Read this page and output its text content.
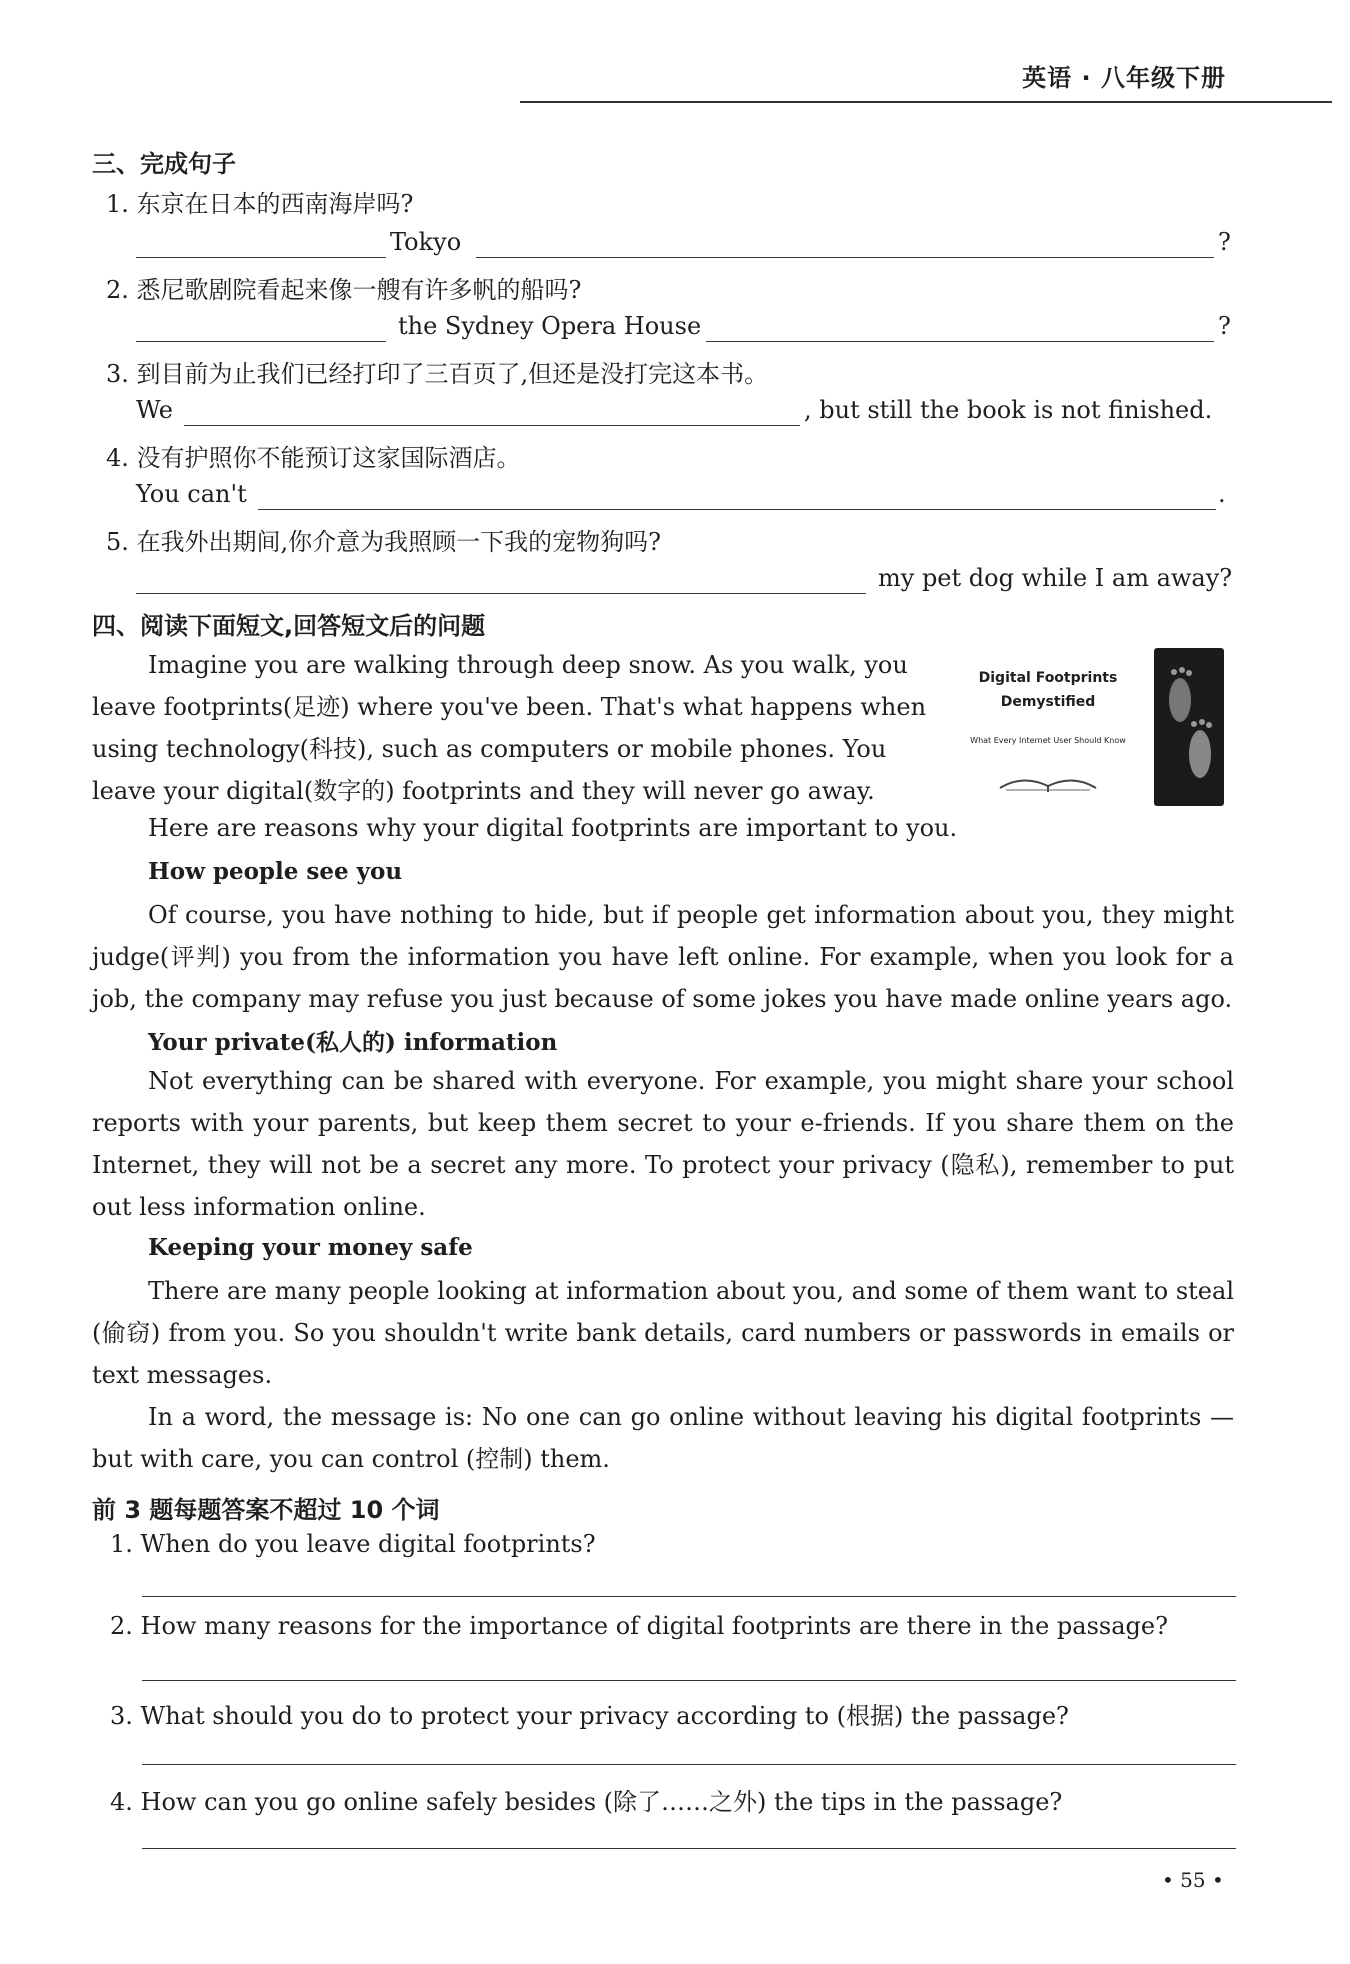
英语 · 八年级下册
三、完成句子
1. 东京在日本的西南海岸吗?
Tokyo	?
2. 悉尼歌剧院看起来像一艘有许多帆的船吗?
the Sydney Opera House	?
3. 到目前为止我们已经打印了三百页了,但还是没打完这本书。
We	, but still the book is not finished.
4. 没有护照你不能预订这家国际酒店。
You can't	.
5. 在我外出期间,你介意为我照顾一下我的宠物狗吗?
my pet dog while I am away?
四、阅读下面短文,回答短文后的问题
Imagine you are walking through deep snow. As you walk, you
leave footprints(足迹) where you've been. That's what happens when
using technology(科技), such as computers or mobile phones. You
leave your digital(数字的) footprints and they will never go away.
Digital Footprints
Demystified
What Every Internet User Should Know
Here are reasons why your digital footprints are important to you.
How people see you

Of course, you have nothing to hide, but if people get information about you, they might judge(评判) you from the information you have left online. For example, when you look for a job, the company may refuse you just because of some jokes you have made online years ago.

Your private(私人的) information

Not everything can be shared with everyone. For example, you might share your school reports with your parents, but keep them secret to your e-friends. If you share them on the Internet, they will not be a secret any more. To protect your privacy (隐私), remember to put out less information online.

Keeping your money safe

There are many people looking at information about you, and some of them want to steal (偷窃) from you. So you shouldn't write bank details, card numbers or passwords in emails or text messages.

In a word, the message is: No one can go online without leaving his digital footprints — but with care, you can control (控制) them.

前 3 题每题答案不超过 10 个词
1. When do you leave digital footprints?
2. How many reasons for the importance of digital footprints are there in the passage?
3. What should you do to protect your privacy according to (根据) the passage?
4. How can you go online safely besides (除了……之外) the tips in the passage?
• 55 •
